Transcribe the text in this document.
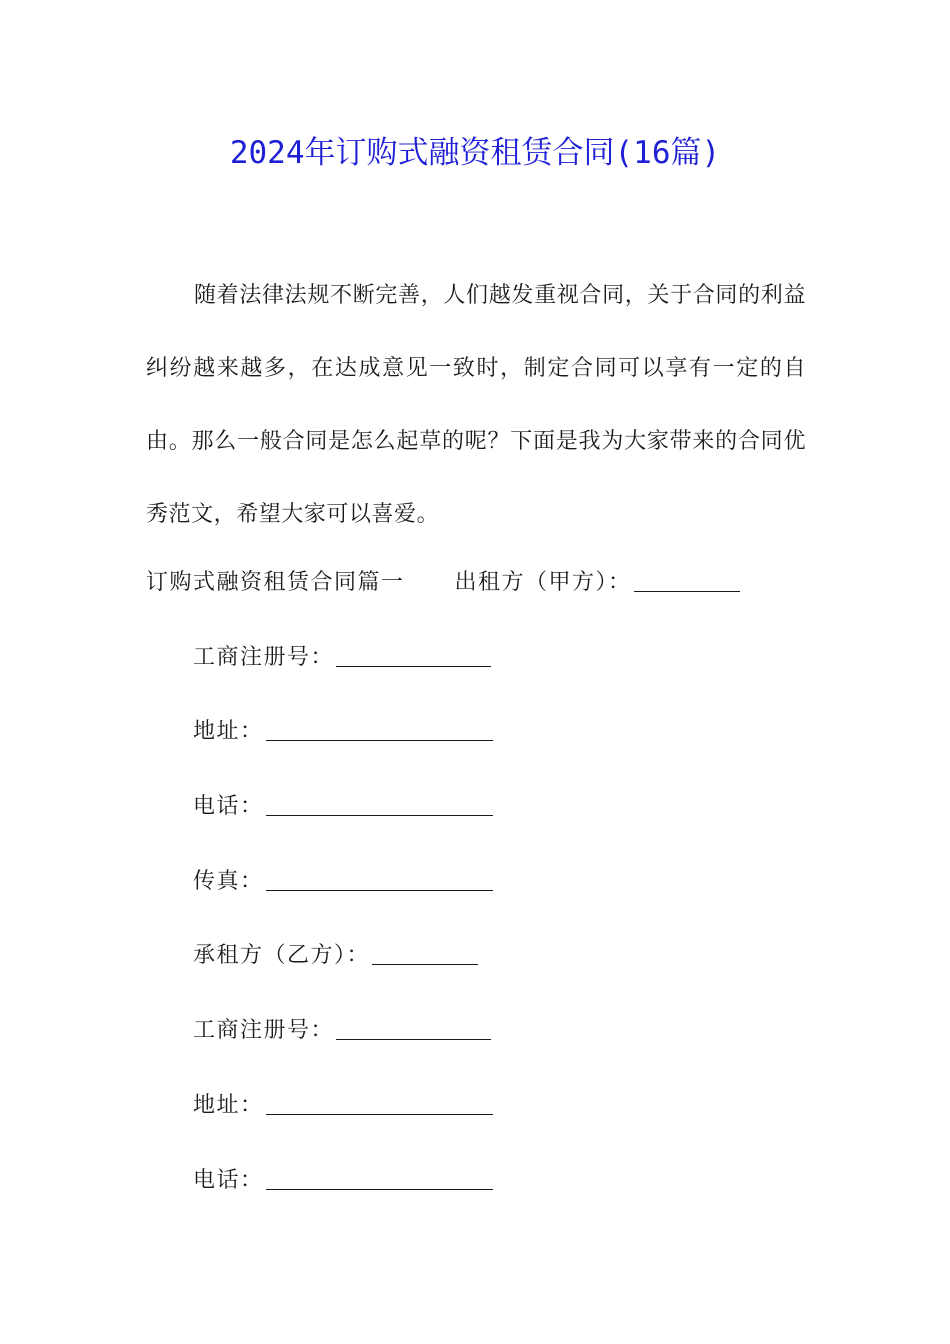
2024年订购式融资租赁合同(16篇)

随着法律法规不断完善，人们越发重视合同，关于合同的利益纠纷越来越多，在达成意见一致时，制定合同可以享有一定的自由。那么一般合同是怎么起草的呢？下面是我为大家带来的合同优秀范文，希望大家可以喜爱。

订购式融资租赁合同篇一 出租方（甲方）：
工商注册号：
地址：
电话：
传真：
承租方（乙方）：
工商注册号：
地址：
电话：
